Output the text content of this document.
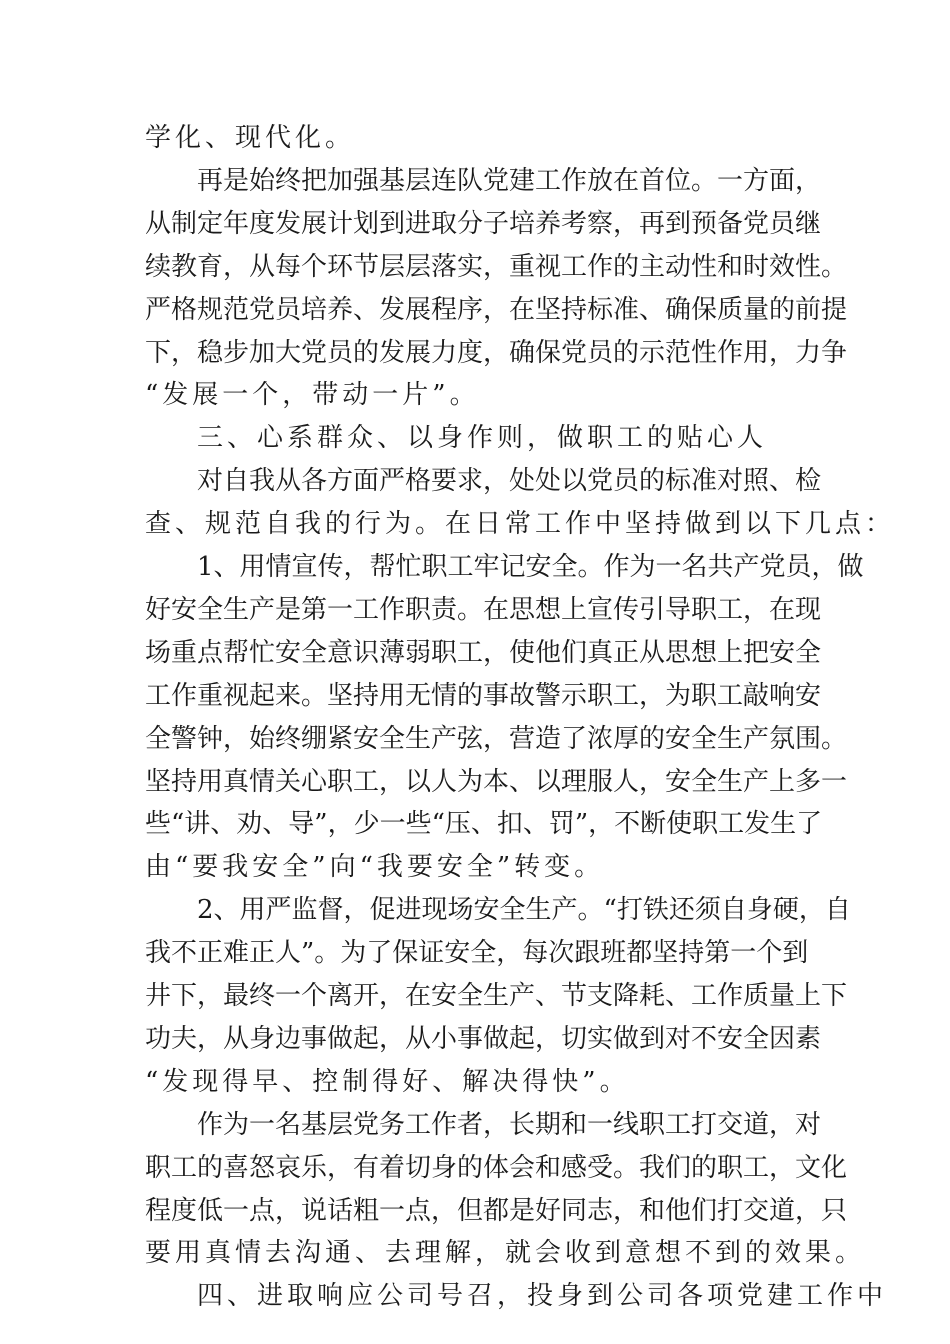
学化、现代化。
再是始终把加强基层连队党建工作放在首位。一方面，
从制定年度发展计划到进取分子培养考察，再到预备党员继
续教育，从每个环节层层落实，重视工作的主动性和时效性。
严格规范党员培养、发展程序，在坚持标准、确保质量的前提
下，稳步加大党员的发展力度，确保党员的示范性作用，力争
“发展一个，带动一片”。
三、心系群众、以身作则，做职工的贴心人
对自我从各方面严格要求，处处以党员的标准对照、检
查、规范自我的行为。在日常工作中坚持做到以下几点：
1、用情宣传，帮忙职工牢记安全。作为一名共产党员，做
好安全生产是第一工作职责。在思想上宣传引导职工，在现
场重点帮忙安全意识薄弱职工，使他们真正从思想上把安全
工作重视起来。坚持用无情的事故警示职工，为职工敲响安
全警钟，始终绷紧安全生产弦，营造了浓厚的安全生产氛围。
坚持用真情关心职工，以人为本、以理服人，安全生产上多一
些“讲、劝、导”，少一些“压、扣、罚”，不断使职工发生了
由“要我安全”向“我要安全”转变。
2、用严监督，促进现场安全生产。“打铁还须自身硬，自
我不正难正人”。为了保证安全，每次跟班都坚持第一个到
井下，最终一个离开，在安全生产、节支降耗、工作质量上下
功夫，从身边事做起，从小事做起，切实做到对不安全因素
“发现得早、控制得好、解决得快”。
作为一名基层党务工作者，长期和一线职工打交道，对
职工的喜怒哀乐，有着切身的体会和感受。我们的职工，文化
程度低一点，说话粗一点，但都是好同志，和他们打交道，只
要用真情去沟通、去理解，就会收到意想不到的效果。
四、进取响应公司号召，投身到公司各项党建工作中
